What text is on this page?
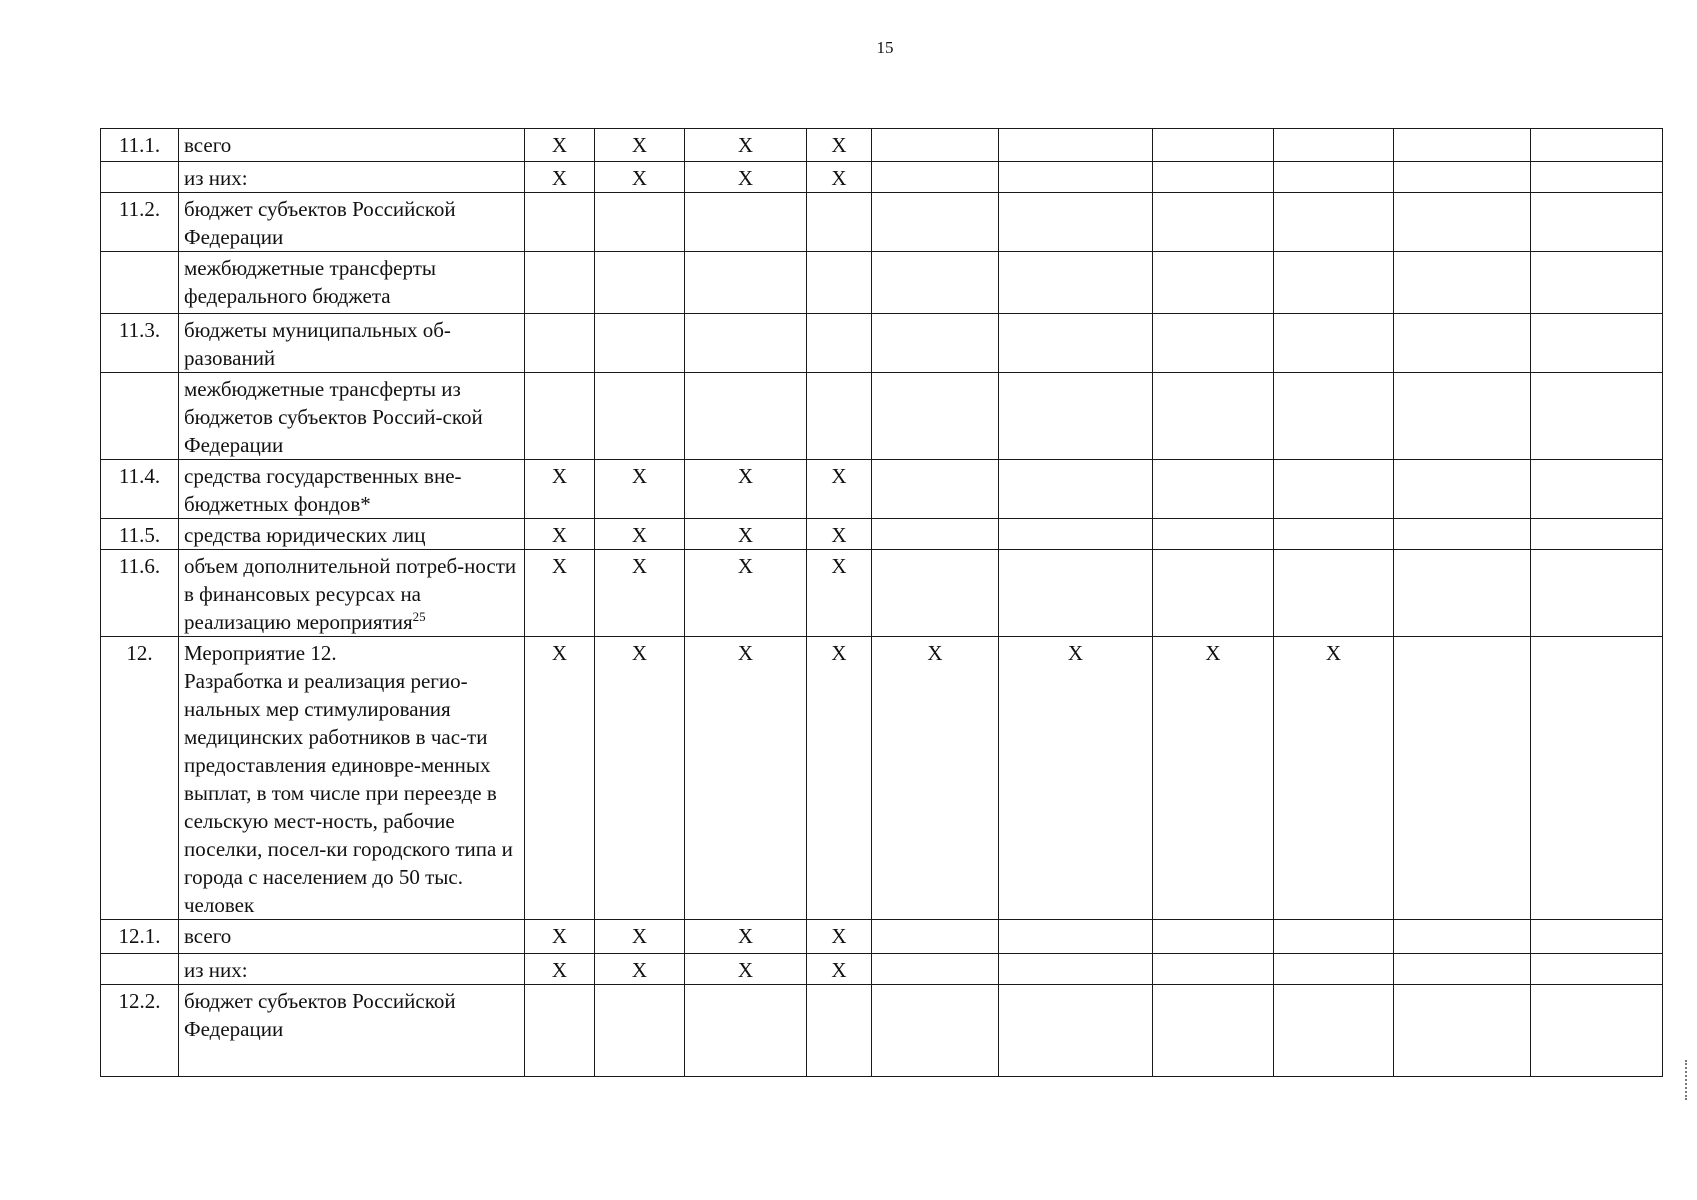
15
11.1.	всего	X	X	X	X						
	из них:	X	X	X	X						
11.2.	бюджет субъектов Российской Федерации										
	межбюджетные трансферты федерального бюджета										
11.3.	бюджеты муниципальных об-разований										
	межбюджетные трансферты из бюджетов субъектов Россий-ской Федерации										
11.4.	средства государственных вне-бюджетных фондов*	X	X	X	X						
11.5.	средства юридических лиц	X	X	X	X						
11.6.	объем дополнительной потреб-ности в финансовых ресурсах на реализацию мероприятия$^{25}$	X	X	X	X						
12.	Мероприятие 12.
Разработка и реализация регио-нальных мер стимулирования медицинских работников в час-ти предоставления единовре-менных выплат, в том числе при переезде в сельскую мест-ность, рабочие поселки, посел-ки городского типа и города с населением до 50 тыс. человек	X	X	X	X	X	X	X	X		
12.1.	всего	X	X	X	X						
	из них:	X	X	X	X						
12.2.	бюджет субъектов Российской Федерации										
